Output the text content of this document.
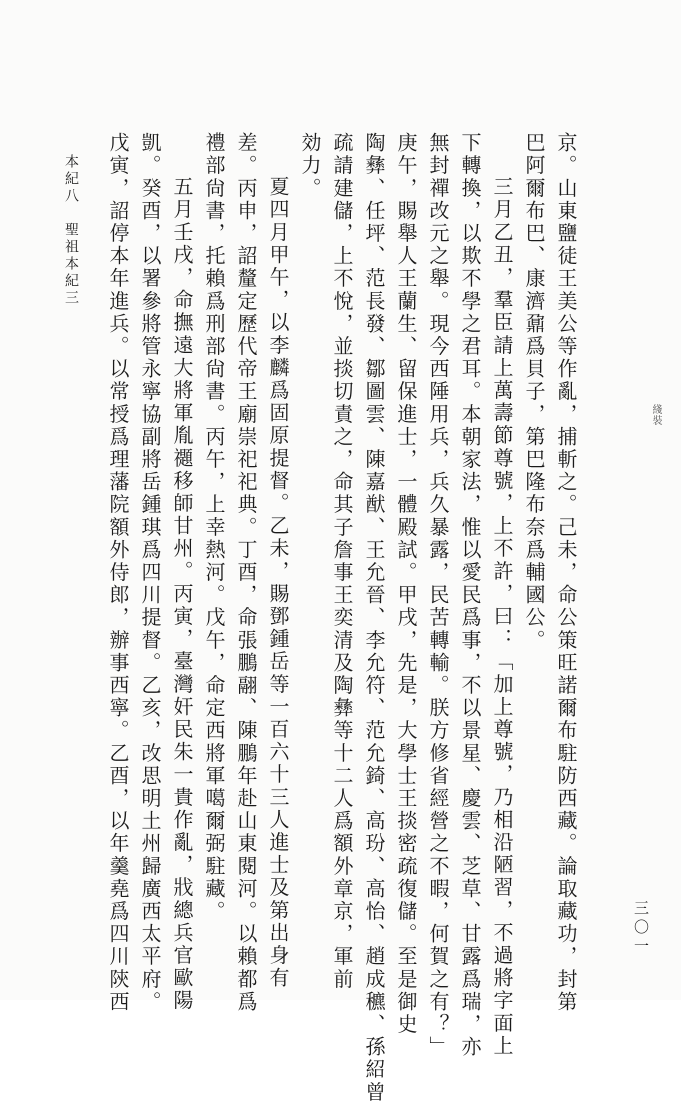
綫裝
京。山東鹽徒王美公等作亂，捕斬之。己未，命公策旺諾爾布駐防西藏。論取藏功，封第
巴阿爾布巴、康濟鼐爲貝子，第巴隆布奈爲輔國公。
三月乙丑，羣臣請上萬壽節尊號，上不許，曰：「加上尊號，乃相沿陋習，不過將字面上
下轉換，以欺不學之君耳。本朝家法，惟以愛民爲事，不以景星、慶雲、芝草、甘露爲瑞，亦
無封禪改元之舉。現今西陲用兵，兵久暴露，民苦轉輸。朕方修省經營之不暇，何賀之有？」
庚午，賜舉人王蘭生、留保進士，一體殿試。甲戌，先是，大學士王掞密疏復儲。至是御史
陶彝、任坪、范長發、鄒圖雲、陳嘉猷、王允晉、李允符、范允錡、高玢、高怡、趙成穮、孫紹曾
疏請建儲，上不悅，並掞切責之，命其子詹事王奕清及陶彝等十二人爲額外章京，軍前
効力。
夏四月甲午，以李麟爲固原提督。乙未，賜鄧鍾岳等一百六十三人進士及第出身有
差。丙申，詔釐定歷代帝王廟崇祀祀典。丁酉，命張鵬翮、陳鵬年赴山東閱河。以賴都爲
禮部尙書，托賴爲刑部尙書。丙午，上幸熱河。戊午，命定西將軍噶爾弼駐藏。
五月壬戌，命撫遠大將軍胤禵移師甘州。丙寅，臺灣奸民朱一貴作亂，戕總兵官歐陽
凱。癸酉，以署參將管永寧協副將岳鍾琪爲四川提督。乙亥，改思明土州歸廣西太平府。
戊寅，詔停本年進兵。以常授爲理藩院額外侍郎，辦事西寧。乙酉，以年羹堯爲四川陝西
本紀八　聖祖本紀三
三〇一
